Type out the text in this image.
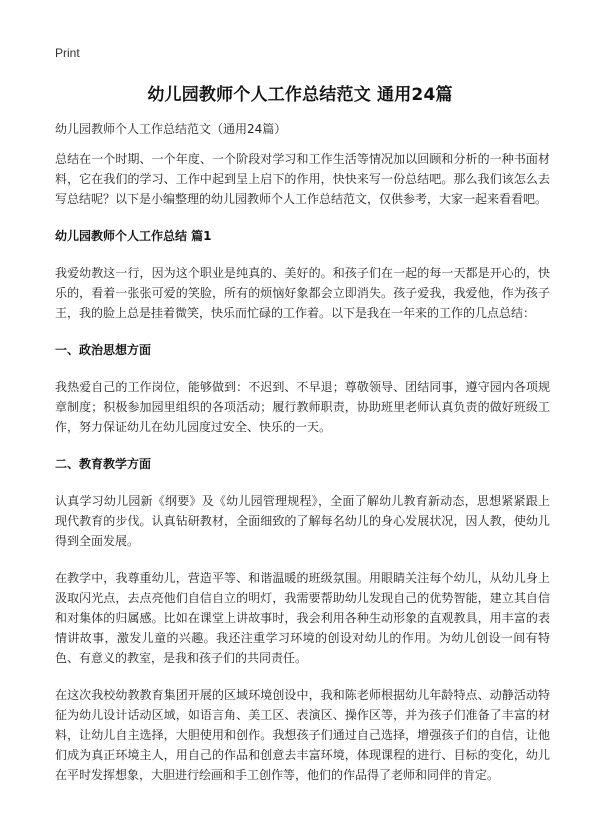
Print
幼儿园教师个人工作总结范文 通用24篇
幼儿园教师个人工作总结范文（通用24篇）

总结在一个时期、一个年度、一个阶段对学习和工作生活等情况加以回顾和分析的一种书面材料，它在我们的学习、工作中起到呈上启下的作用，快快来写一份总结吧。那么我们该怎么去写总结呢？以下是小编整理的幼儿园教师个人工作总结范文，仅供参考，大家一起来看看吧。

幼儿园教师个人工作总结 篇1

我爱幼教这一行，因为这个职业是纯真的、美好的。和孩子们在一起的每一天都是开心的，快乐的，看着一张张可爱的笑脸，所有的烦恼好象都会立即消失。孩子爱我，我爱他，作为孩子王，我的脸上总是挂着微笑，快乐而忙碌的工作着。以下是我在一年来的工作的几点总结：

一、政治思想方面

我热爱自己的工作岗位，能够做到：不迟到、不早退；尊敬领导、团结同事，遵守园内各项规章制度；积极参加园里组织的各项活动；履行教师职责，协助班里老师认真负责的做好班级工作，努力保证幼儿在幼儿园度过安全、快乐的一天。

二、教育教学方面

认真学习幼儿园新《纲要》及《幼儿园管理规程》，全面了解幼儿教育新动态，思想紧紧跟上现代教育的步伐。认真钻研教材，全面细致的了解每名幼儿的身心发展状况，因人教，使幼儿得到全面发展。

在教学中，我尊重幼儿，营造平等、和谐温暖的班级氛围。用眼睛关注每个幼儿，从幼儿身上汲取闪光点，去点亮他们自信自立的明灯，我需要帮助幼儿发现自己的优势智能，建立其自信和对集体的归属感。比如在课堂上讲故事时，我会利用各种生动形象的直观教具，用丰富的表情讲故事，激发儿童的兴趣。我还注重学习环境的创设对幼儿的作用。为幼儿创设一间有特色、有意义的教室，是我和孩子们的共同责任。

在这次我校幼教教育集团开展的区域环境创设中，我和陈老师根据幼儿年龄特点、动静活动特征为幼儿设计话动区域，如语言角、美工区、表演区、操作区等，并为孩子们准备了丰富的材料，让幼儿自主选择，大胆使用和创作。我想孩子们通过自己选择，增强孩子们的自信，让他们成为真正环境主人，用自己的作品和创意去丰富环境，体现课程的进行、目标的变化，幼儿在平时发挥想象，大胆进行绘画和手工创作等，他们的作品得了老师和同伴的肯定。
